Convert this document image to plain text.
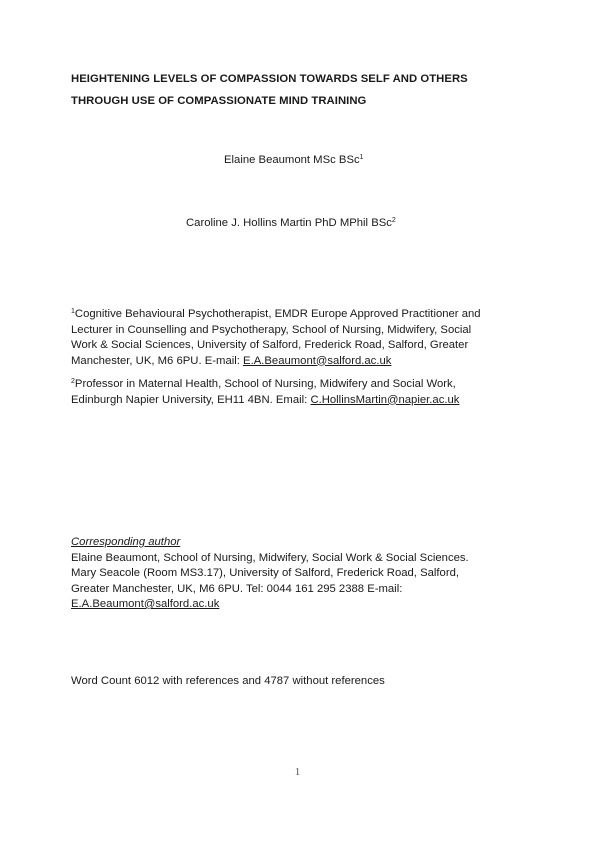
HEIGHTENING LEVELS OF COMPASSION TOWARDS SELF AND OTHERS
THROUGH USE OF COMPASSIONATE MIND TRAINING
Elaine Beaumont MSc BSc$^1$
Caroline J. Hollins Martin PhD MPhil BSc$^2$
$^1$Cognitive Behavioural Psychotherapist, EMDR Europe Approved Practitioner and
Lecturer in Counselling and Psychotherapy, School of Nursing, Midwifery, Social
Work & Social Sciences, University of Salford, Frederick Road, Salford, Greater
Manchester, UK, M6 6PU. E-mail: E.A.Beaumont@salford.ac.uk
$^2$Professor in Maternal Health, School of Nursing, Midwifery and Social Work,
Edinburgh Napier University, EH11 4BN. Email: C.HollinsMartin@napier.ac.uk
Corresponding author
Elaine Beaumont, School of Nursing, Midwifery, Social Work & Social Sciences.
Mary Seacole (Room MS3.17), University of Salford, Frederick Road, Salford,
Greater Manchester, UK, M6 6PU. Tel: 0044 161 295 2388 E-mail:
E.A.Beaumont@salford.ac.uk
Word Count 6012 with references and 4787 without references
1
